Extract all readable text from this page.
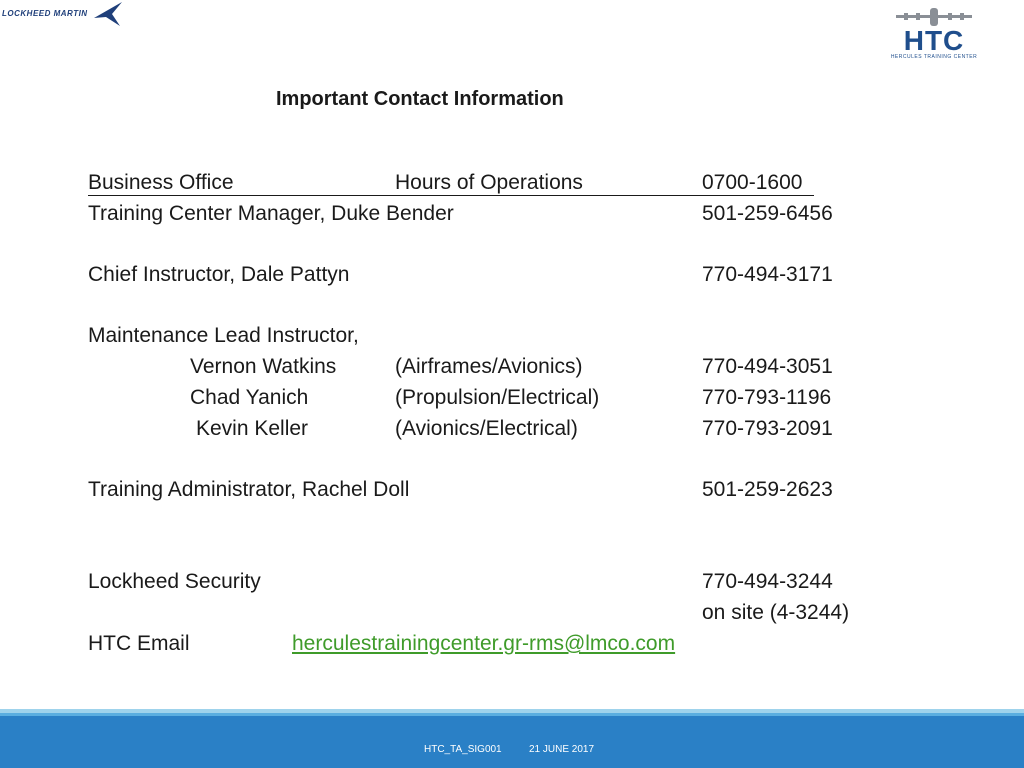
LOCKHEED MARTIN
HTC
HERCULES TRAINING CENTER
Important Contact Information
Business Office	Hours of Operations	0700-1600
Training Center Manager, Duke Bender	501-259-6456
Chief Instructor, Dale Pattyn	770-494-3171
Maintenance Lead Instructor,
Vernon Watkins	(Airframes/Avionics)	770-494-3051
Chad Yanich	(Propulsion/Electrical)	770-793-1196
Kevin Keller	(Avionics/Electrical)	770-793-2091
Training Administrator, Rachel Doll	501-259-2623
Lockheed Security	770-494-3244
on site (4-3244)
HTC Email	herculestrainingcenter.gr-rms@lmco.com
HTC_TA_SIG001	21 JUNE 2017
